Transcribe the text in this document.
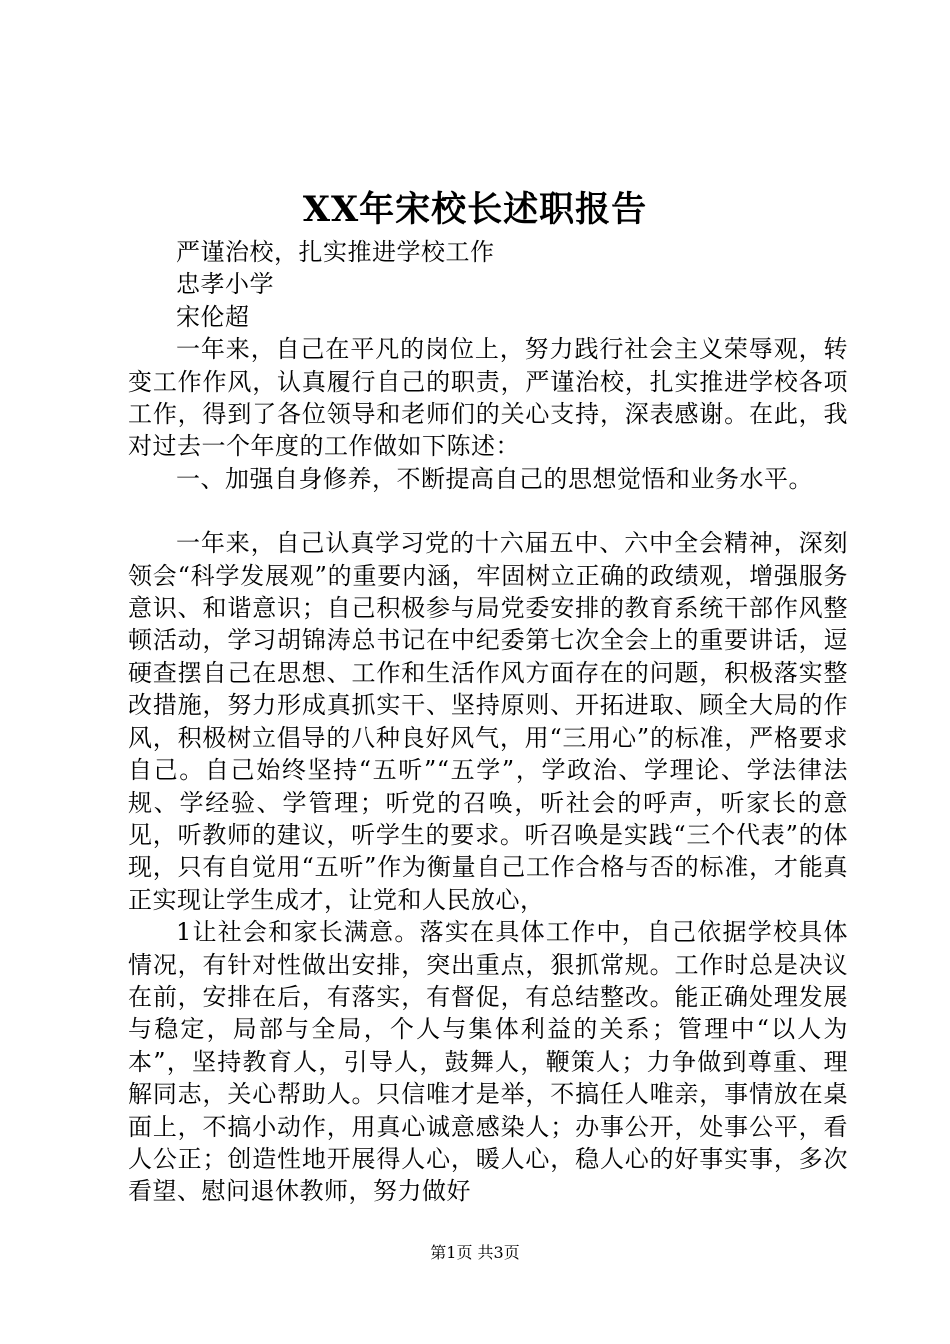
XX年宋校长述职报告

严谨治校，扎实推进学校工作

忠孝小学

宋伦超

一年来，自己在平凡的岗位上，努力践行社会主义荣辱观，转变工作作风，认真履行自己的职责，严谨治校，扎实推进学校各项工作，得到了各位领导和老师们的关心支持，深表感谢。在此，我对过去一个年度的工作做如下陈述：

一、加强自身修养，不断提高自己的思想觉悟和业务水平。

一年来，自己认真学习党的十六届五中、六中全会精神，深刻领会“科学发展观”的重要内涵，牢固树立正确的政绩观，增强服务意识、和谐意识；自己积极参与局党委安排的教育系统干部作风整顿活动，学习胡锦涛总书记在中纪委第七次全会上的重要讲话，逗硬查摆自己在思想、工作和生活作风方面存在的问题，积极落实整改措施，努力形成真抓实干、坚持原则、开拓进取、顾全大局的作风，积极树立倡导的八种良好风气，用“三用心”的标准，严格要求自己。自己始终坚持“五听”“五学”，学政治、学理论、学法律法规、学经验、学管理；听党的召唤，听社会的呼声，听家长的意见，听教师的建议，听学生的要求。听召唤是实践“三个代表”的体现，只有自觉用“五听”作为衡量自己工作合格与否的标准，才能真正实现让学生成才，让党和人民放心，

1让社会和家长满意。落实在具体工作中，自己依据学校具体情况，有针对性做出安排，突出重点，狠抓常规。工作时总是决议在前，安排在后，有落实，有督促，有总结整改。能正确处理发展与稳定，局部与全局，个人与集体利益的关系；管理中“以人为本”，坚持教育人，引导人，鼓舞人，鞭策人；力争做到尊重、理解同志，关心帮助人。只信唯才是举，不搞任人唯亲，事情放在桌面上，不搞小动作，用真心诚意感染人；办事公开，处事公平，看人公正；创造性地开展得人心，暖人心，稳人心的好事实事，多次看望、慰问退休教师，努力做好

第1页 共3页
